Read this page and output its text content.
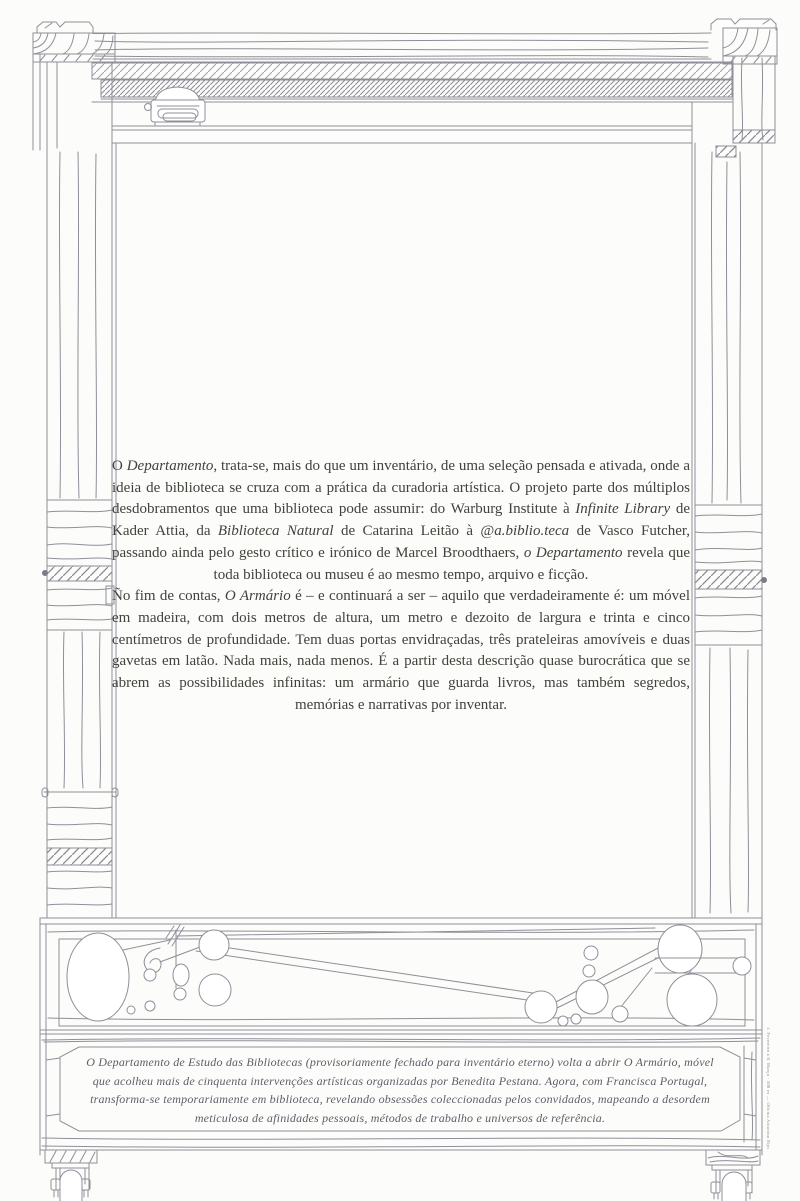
O Departamento, trata-se, mais do que um inventário, de uma seleção pensada e ativada, onde a ideia de biblioteca se cruza com a prática da curadoria artística. O projeto parte dos múltiplos desdobramentos que uma biblioteca pode assumir: do Warburg Institute à Infinite Library de Kader Attia, da Biblioteca Natural de Catarina Leitão à @a.biblio.teca de Vasco Futcher, passando ainda pelo gesto crítico e irónico de Marcel Broodthaers, o Departamento revela que toda biblioteca ou museu é ao mesmo tempo, arquivo e ficção.

Ño fim de contas, O Armário é – e continuará a ser – aquilo que verdadeiramente é: um móvel em madeira, com dois metros de altura, um metro e dezoito de largura e trinta e cinco centímetros de profundidade. Tem duas portas envidraçadas, três prateleiras amovíveis e duas gavetas em latão. Nada mais, nada menos. É a partir desta descrição quase burocrática que se abrem as possibilidades infinitas: um armário que guarda livros, mas também segredos, memórias e narrativas por inventar.

O Departamento de Estudo das Bibliotecas (provisoriamente fechado para inventário eterno) volta a abrir O Armário, móvel que acolheu mais de cinquenta intervenções artísticas organizadas por Benedita Pestana. Agora, com Francisca Portugal, transforma-se temporariamente em biblioteca, revelando obsessões coleccionadas pelos convidados, mapeando a desordem meticulosa de afinidades pessoais, métodos de trabalho e universos de referência.	1. Fevereiro à 8. Março · 500 ex — Oficina Antonino Rijo
